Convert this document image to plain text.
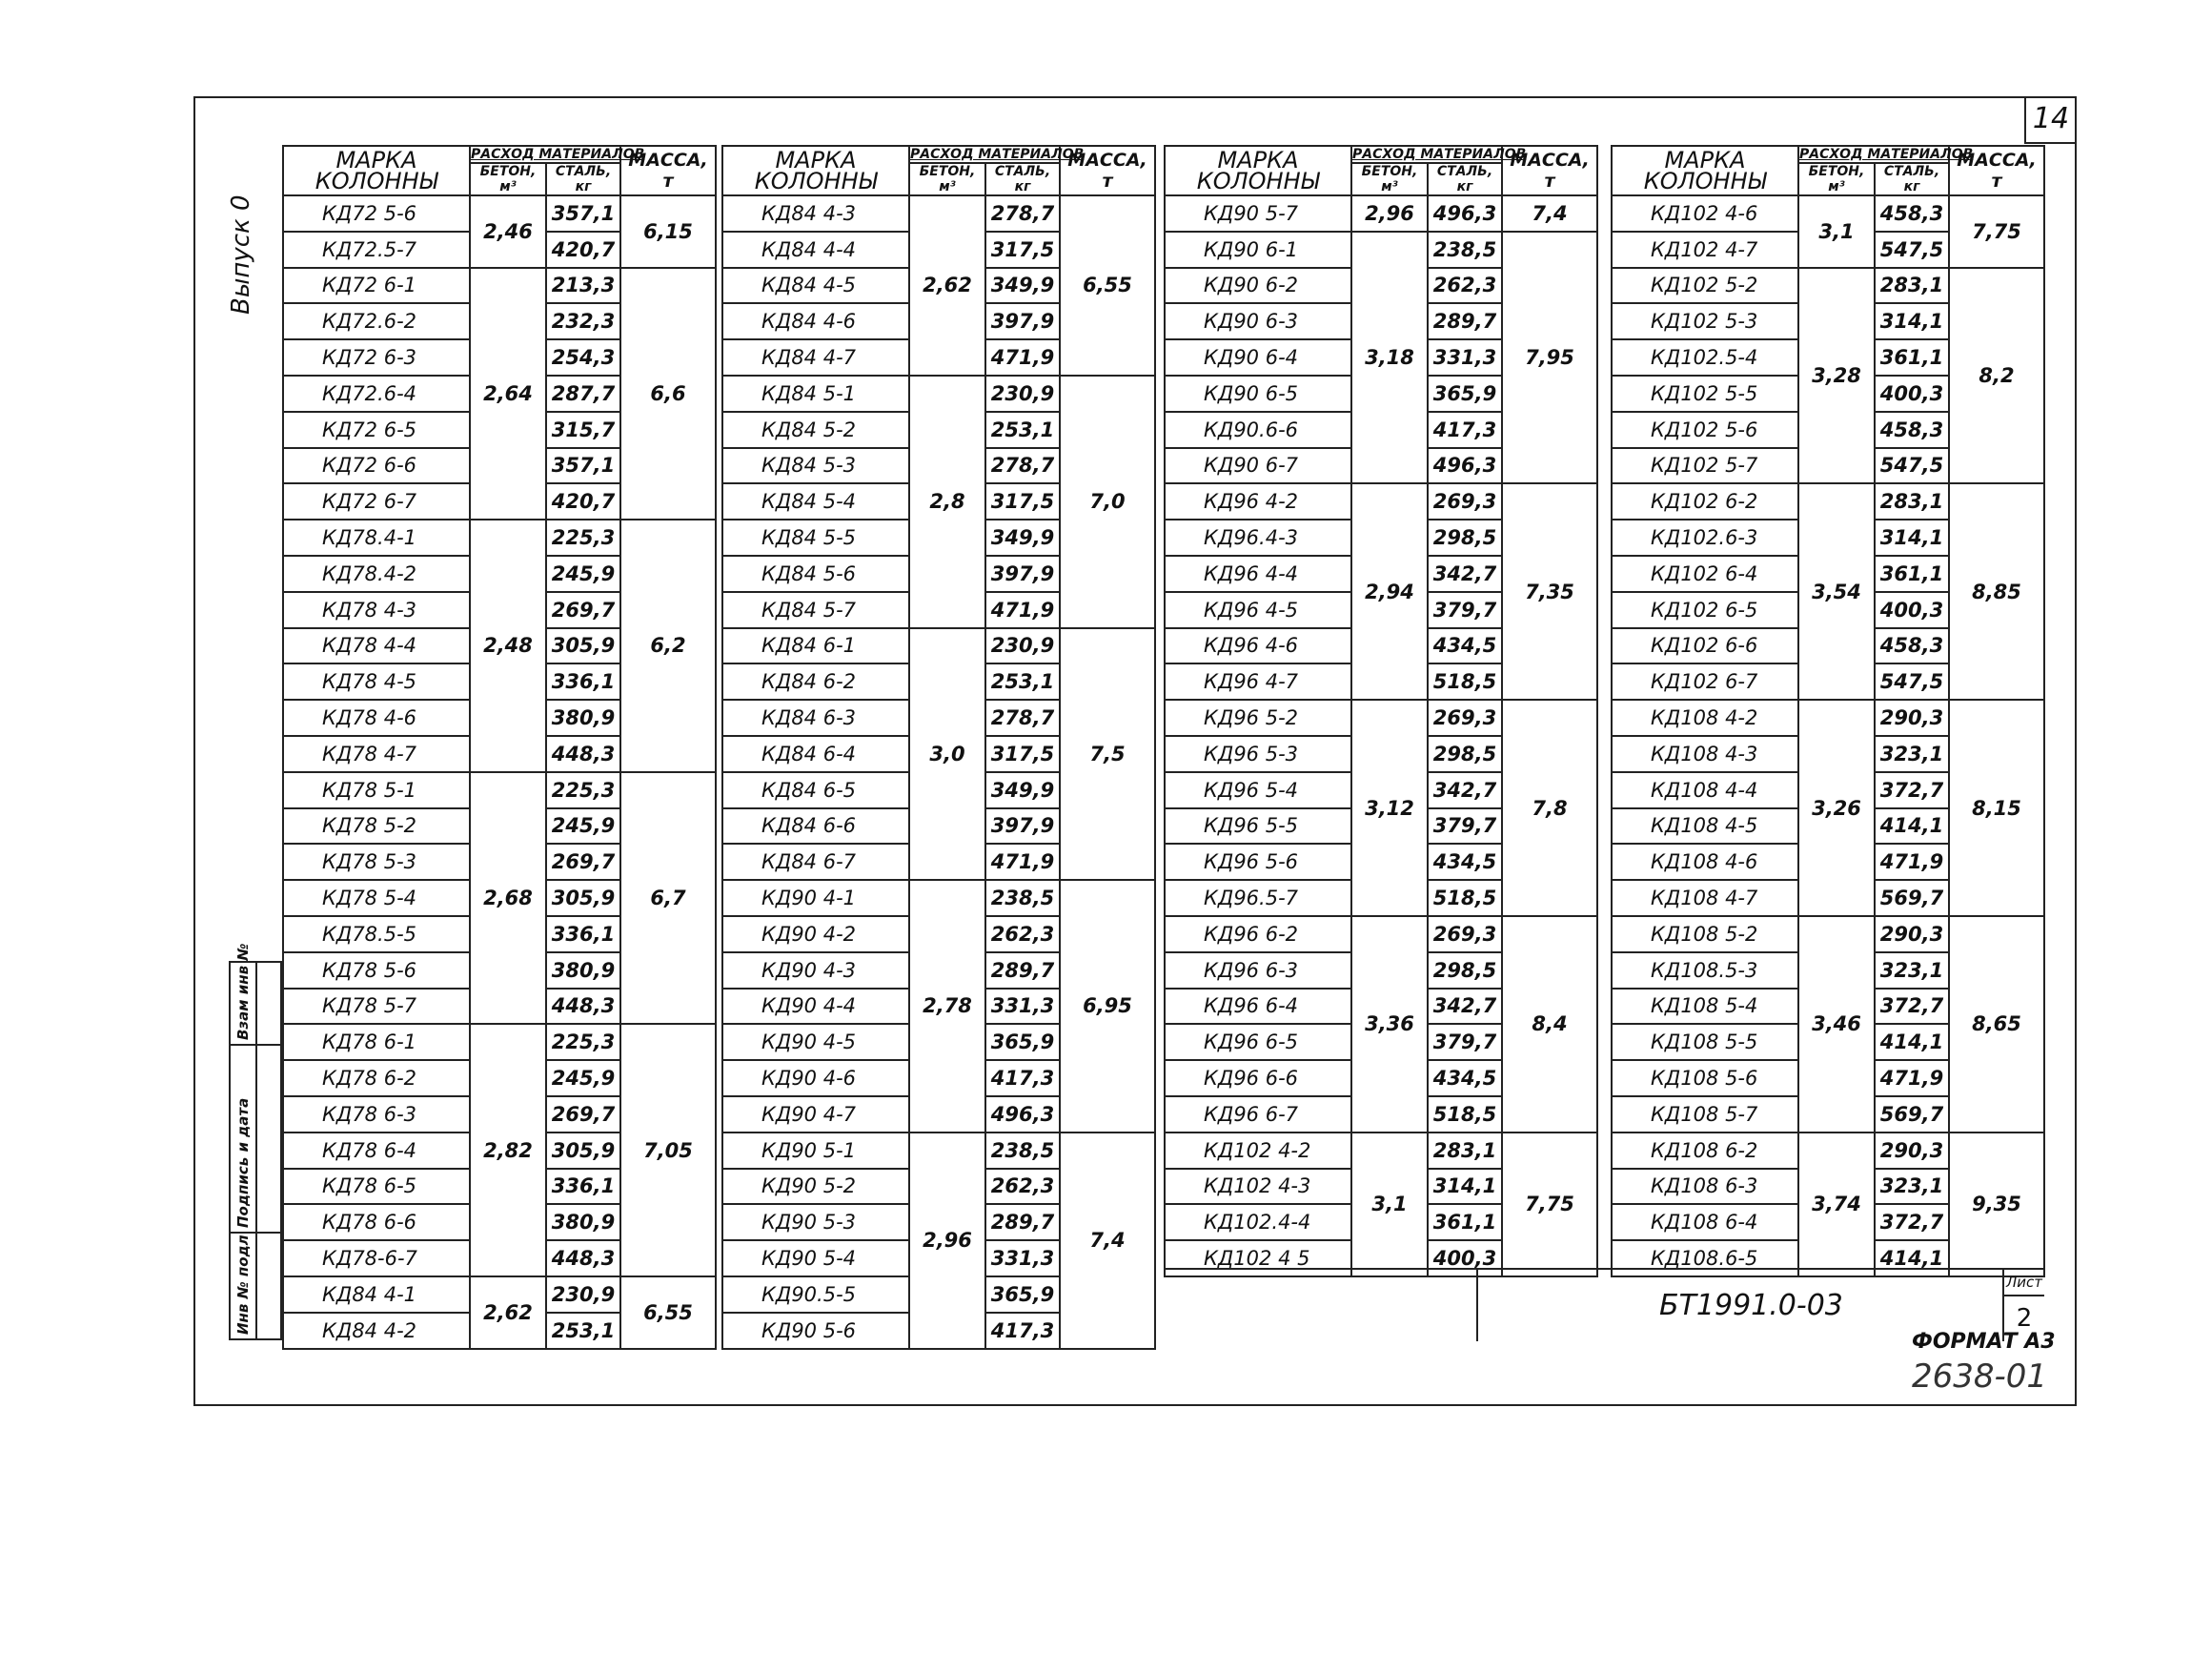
14
Выпуск 0
Взам инв №
Подпись и дата
Инв № подл
МАРКА КОЛОННЫ	РАСХОД МАТЕРИАЛОВ		МАССА, т
	БЕТОН, м³	СТАЛЬ, кг	
КД72 5-6	2,46	357,1	6,15
КД72.5-7		420,7	
КД72 6-1	2,64	213,3	6,6
КД72.6-2		232,3	
КД72 6-3		254,3	
КД72.6-4		287,7	
КД72 6-5		315,7	
КД72 6-6		357,1	
КД72 6-7		420,7	
КД78.4-1	2,48	225,3	6,2
КД78.4-2		245,9	
КД78 4-3		269,7	
КД78 4-4		305,9	
КД78 4-5		336,1	
КД78 4-6		380,9	
КД78 4-7		448,3	
КД78 5-1	2,68	225,3	6,7
КД78 5-2		245,9	
КД78 5-3		269,7	
КД78 5-4		305,9	
КД78.5-5		336,1	
КД78 5-6		380,9	
КД78 5-7		448,3	
КД78 6-1	2,82	225,3	7,05
КД78 6-2		245,9	
КД78 6-3		269,7	
КД78 6-4		305,9	
КД78 6-5		336,1	
КД78 6-6		380,9	
КД78-6-7		448,3	
КД84 4-1	2,62	230,9	6,55
КД84 4-2		253,1	
МАРКА КОЛОННЫ	РАСХОД МАТЕРИАЛОВ		МАССА, т
	БЕТОН, м³	СТАЛЬ, кг	
КД84 4-3	2,62	278,7	6,55
КД84 4-4		317,5	
КД84 4-5		349,9	
КД84 4-6		397,9	
КД84 4-7		471,9	
КД84 5-1	2,8	230,9	7,0
КД84 5-2		253,1	
КД84 5-3		278,7	
КД84 5-4		317,5	
КД84 5-5		349,9	
КД84 5-6		397,9	
КД84 5-7		471,9	
КД84 6-1	3,0	230,9	7,5
КД84 6-2		253,1	
КД84 6-3		278,7	
КД84 6-4		317,5	
КД84 6-5		349,9	
КД84 6-6		397,9	
КД84 6-7		471,9	
КД90 4-1	2,78	238,5	6,95
КД90 4-2		262,3	
КД90 4-3		289,7	
КД90 4-4		331,3	
КД90 4-5		365,9	
КД90 4-6		417,3	
КД90 4-7		496,3	
КД90 5-1	2,96	238,5	7,4
КД90 5-2		262,3	
КД90 5-3		289,7	
КД90 5-4		331,3	
КД90.5-5		365,9	
КД90 5-6		417,3	
МАРКА КОЛОННЫ	РАСХОД МАТЕРИАЛОВ		МАССА, т
	БЕТОН, м³	СТАЛЬ, кг	
КД90 5-7	2,96	496,3	7,4
КД90 6-1	3,18	238,5	7,95
КД90 6-2		262,3	
КД90 6-3		289,7	
КД90 6-4		331,3	
КД90 6-5		365,9	
КД90.6-6		417,3	
КД90 6-7		496,3	
КД96 4-2	2,94	269,3	7,35
КД96.4-3		298,5	
КД96 4-4		342,7	
КД96 4-5		379,7	
КД96 4-6		434,5	
КД96 4-7		518,5	
КД96 5-2	3,12	269,3	7,8
КД96 5-3		298,5	
КД96 5-4		342,7	
КД96 5-5		379,7	
КД96 5-6		434,5	
КД96.5-7		518,5	
КД96 6-2	3,36	269,3	8,4
КД96 6-3		298,5	
КД96 6-4		342,7	
КД96 6-5		379,7	
КД96 6-6		434,5	
КД96 6-7		518,5	
КД102 4-2	3,1	283,1	7,75
КД102 4-3		314,1	
КД102.4-4		361,1	
КД102 4 5		400,3	
МАРКА КОЛОННЫ	РАСХОД МАТЕРИАЛОВ		МАССА, т
	БЕТОН, м³	СТАЛЬ, кг	
КД102 4-6	3,1	458,3	7,75
КД102 4-7		547,5	
КД102 5-2	3,28	283,1	8,2
КД102 5-3		314,1	
КД102.5-4		361,1	
КД102 5-5		400,3	
КД102 5-6		458,3	
КД102 5-7		547,5	
КД102 6-2	3,54	283,1	8,85
КД102.6-3		314,1	
КД102 6-4		361,1	
КД102 6-5		400,3	
КД102 6-6		458,3	
КД102 6-7		547,5	
КД108 4-2	3,26	290,3	8,15
КД108 4-3		323,1	
КД108 4-4		372,7	
КД108 4-5		414,1	
КД108 4-6		471,9	
КД108 4-7		569,7	
КД108 5-2	3,46	290,3	8,65
КД108.5-3		323,1	
КД108 5-4		372,7	
КД108 5-5		414,1	
КД108 5-6		471,9	
КД108 5-7		569,7	
КД108 6-2	3,74	290,3	9,35
КД108 6-3		323,1	
КД108 6-4		372,7	
КД108.6-5		414,1	
БТ1991.0-03
Лист
2
ФОРМАТ А3
2638-01
